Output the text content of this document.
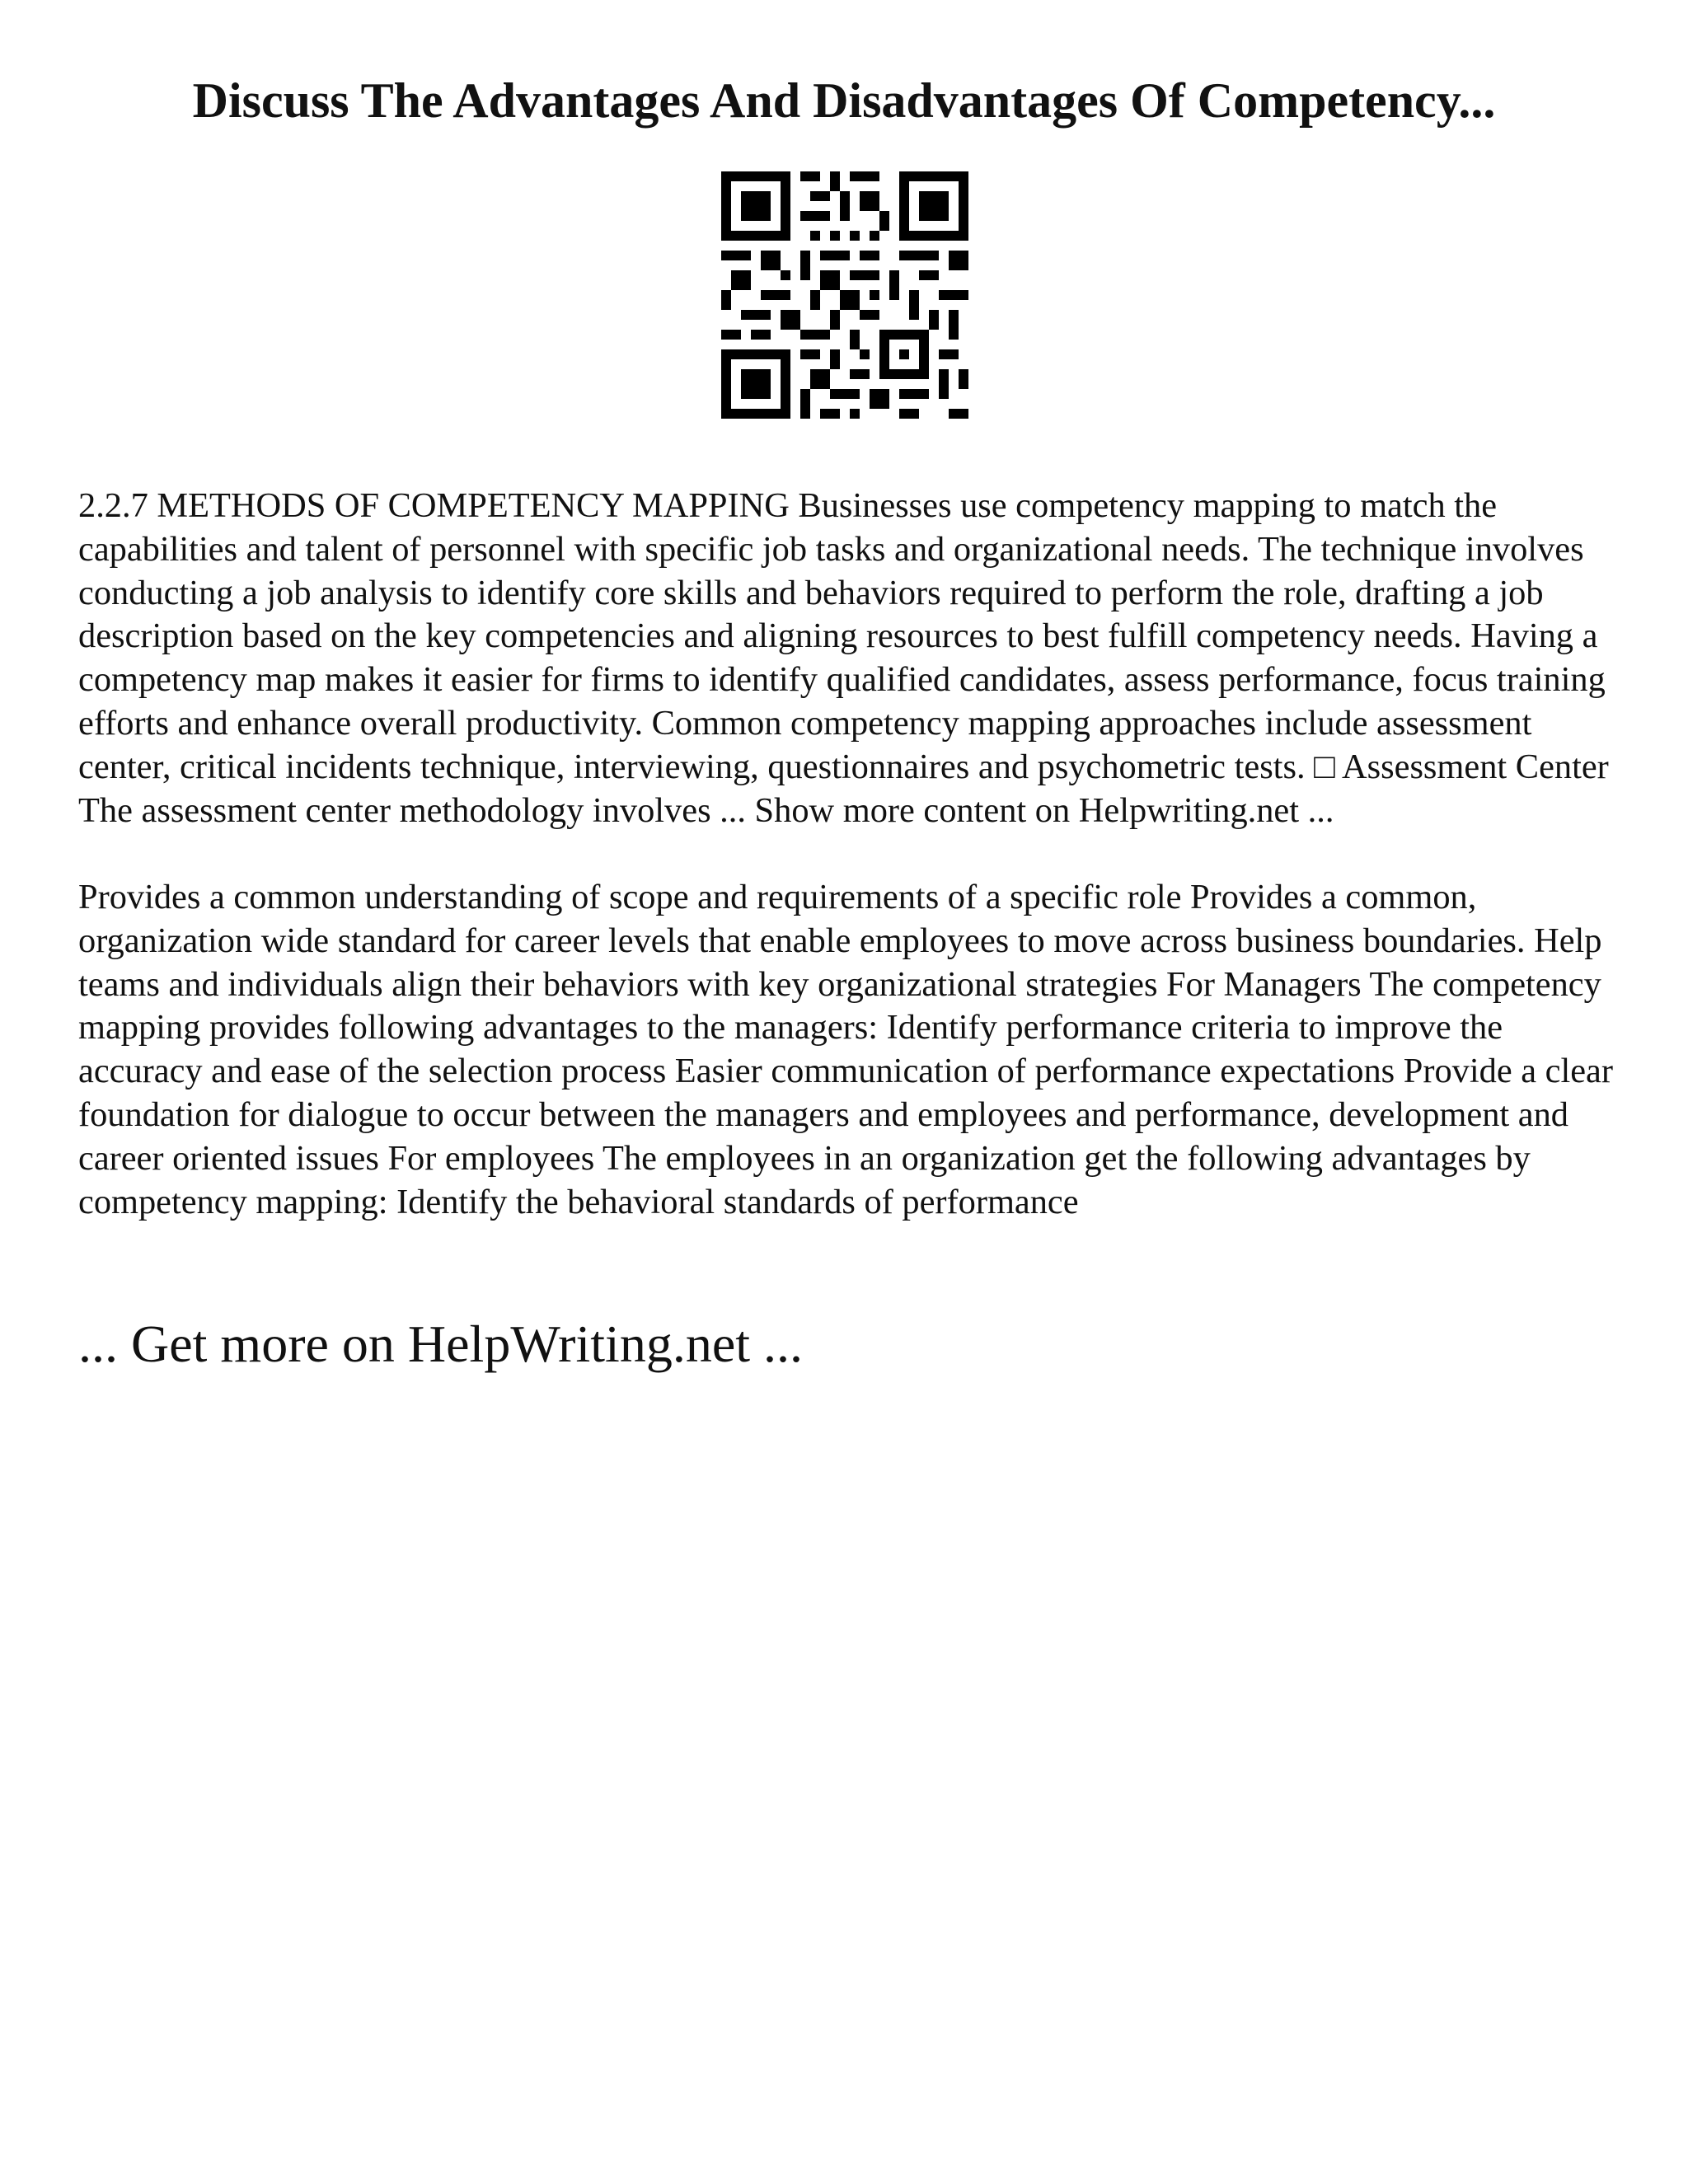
Discuss The Advantages And Disadvantages Of Competency...

2.2.7 METHODS OF COMPETENCY MAPPING Businesses use competency mapping to match the capabilities and talent of personnel with specific job tasks and organizational needs. The technique involves conducting a job analysis to identify core skills and behaviors required to perform the role, drafting a job description based on the key competencies and aligning resources to best fulfill competency needs. Having a competency map makes it easier for firms to identify qualified candidates, assess performance, focus training efforts and enhance overall productivity. Common competency mapping approaches include assessment center, critical incidents technique, interviewing, questionnaires and psychometric tests. □ Assessment Center The assessment center methodology involves ... Show more content on Helpwriting.net ...

Provides a common understanding of scope and requirements of a specific role Provides a common, organization wide standard for career levels that enable employees to move across business boundaries. Help teams and individuals align their behaviors with key organizational strategies For Managers The competency mapping provides following advantages to the managers: Identify performance criteria to improve the accuracy and ease of the selection process Easier communication of performance expectations Provide a clear foundation for dialogue to occur between the managers and employees and performance, development and career oriented issues For employees The employees in an organization get the following advantages by competency mapping: Identify the behavioral standards of performance

... Get more on HelpWriting.net ...
